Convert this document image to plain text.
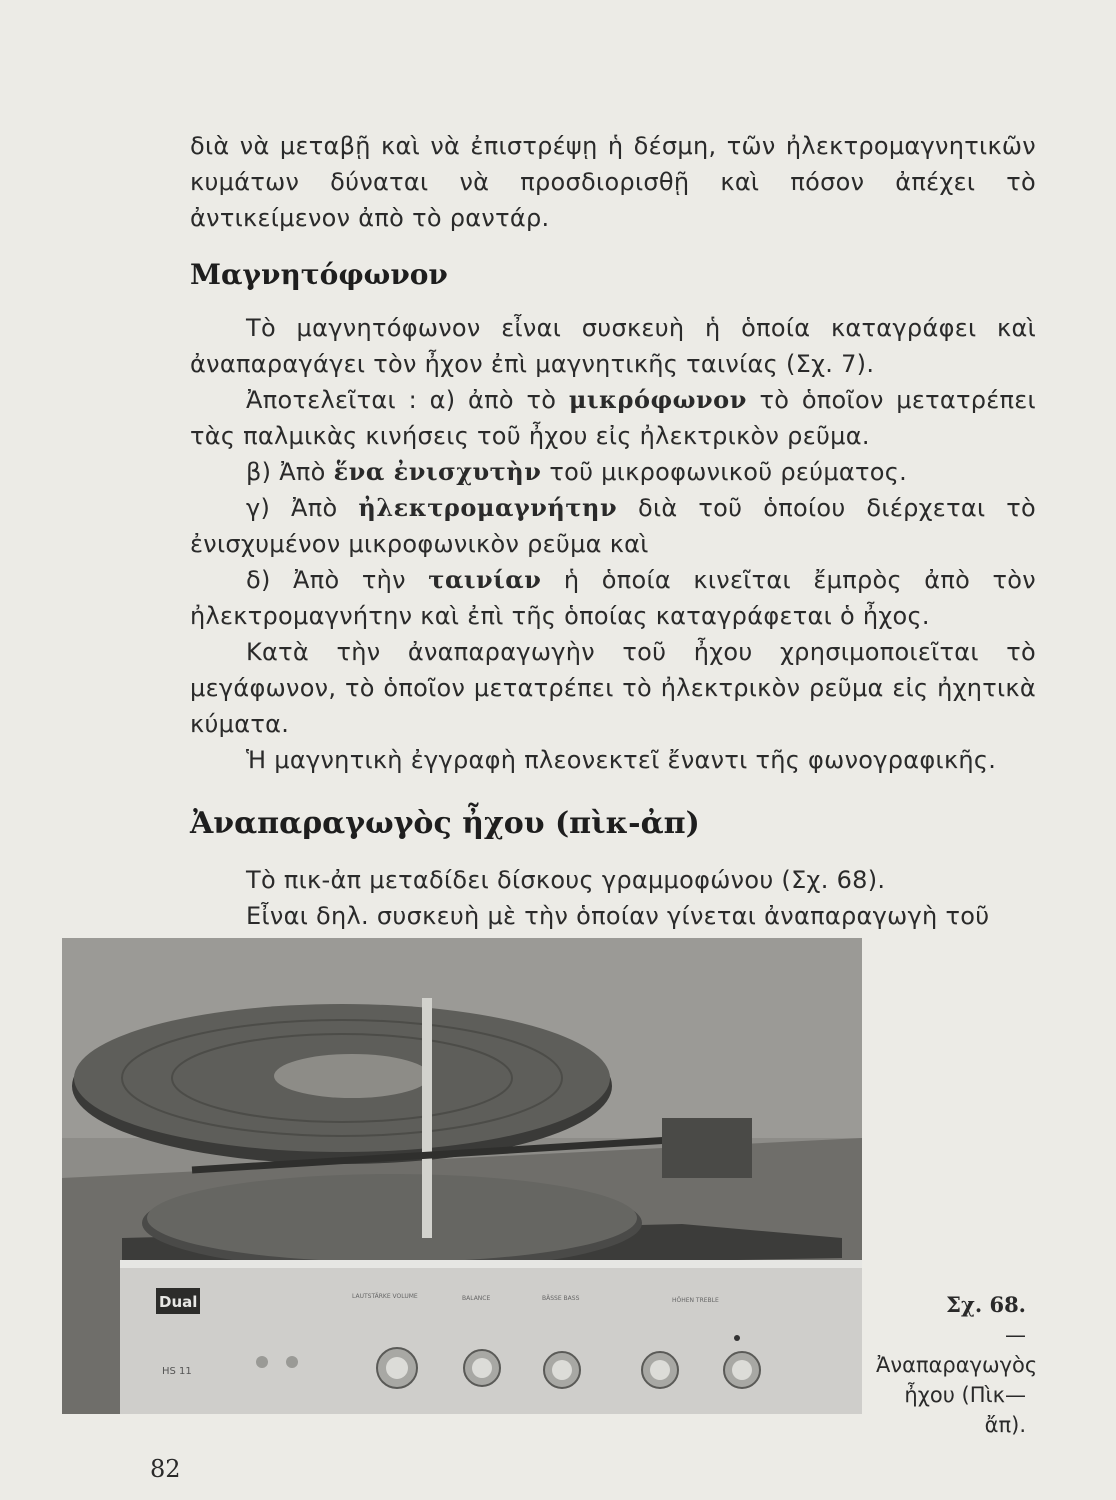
διὰ νὰ μεταβῇ καὶ νὰ ἐπιστρέψῃ ἡ δέσμη, τῶν ἠλεκτρομαγνητικῶν κυμάτων δύναται νὰ προσδιορισθῇ καὶ πόσον ἀπέχει τὸ ἀντικείμενον ἀπὸ τὸ ραντάρ.

Μαγνητόφωνον

Τὸ μαγνητόφωνον εἶναι συσκευὴ ἡ ὁποία καταγράφει καὶ ἀναπαραγάγει τὸν ἦχον ἐπὶ μαγνητικῆς ταινίας (Σχ. 7).

Ἀποτελεῖται : α) ἀπὸ τὸ μικρόφωνον τὸ ὁποῖον μετατρέπει τὰς παλμικὰς κινήσεις τοῦ ἦχου εἰς ἠλεκτρικὸν ρεῦμα.

β) Ἀπὸ ἕνα ἐνισχυτὴν τοῦ μικροφωνικοῦ ρεύματος.

γ) Ἀπὸ ἠλεκτρομαγνήτην διὰ τοῦ ὁποίου διέρχεται τὸ ἐνισχυμένον μικροφωνικὸν ρεῦμα καὶ

δ) Ἀπὸ τὴν ταινίαν ἡ ὁποία κινεῖται ἔμπρὸς ἀπὸ τὸν ἠλεκτρομαγνήτην καὶ ἐπὶ τῆς ὁποίας καταγράφεται ὁ ἦχος.

Κατὰ τὴν ἀναπαραγωγὴν τοῦ ἦχου χρησιμοποιεῖται τὸ μεγάφωνον, τὸ ὁποῖον μετατρέπει τὸ ἠλεκτρικὸν ρεῦμα εἰς ἠχητικὰ κύματα.

Ἡ μαγνητικὴ ἐγγραφὴ πλεονεκτεῖ ἔναντι τῆς φωνογραφικῆς.

Ἀναπαραγωγὸς ἦχου (πὶκ-ἀπ)

Τὸ πικ-ἀπ μεταδίδει δίσκους γραμμοφώνου (Σχ. 68).

Εἶναι δηλ. συσκευὴ μὲ τὴν ὁποίαν γίνεται ἀναπαραγωγὴ τοῦ

Dual
HS 11
LAUTSTÄRKE VOLUME	BALANCE	BÄSSE BASS	HÖHEN TREBLE	Σχ. 68.
— Ἀναπαραγωγὸς ἦχου (Πὶκ—ἄπ).

82
